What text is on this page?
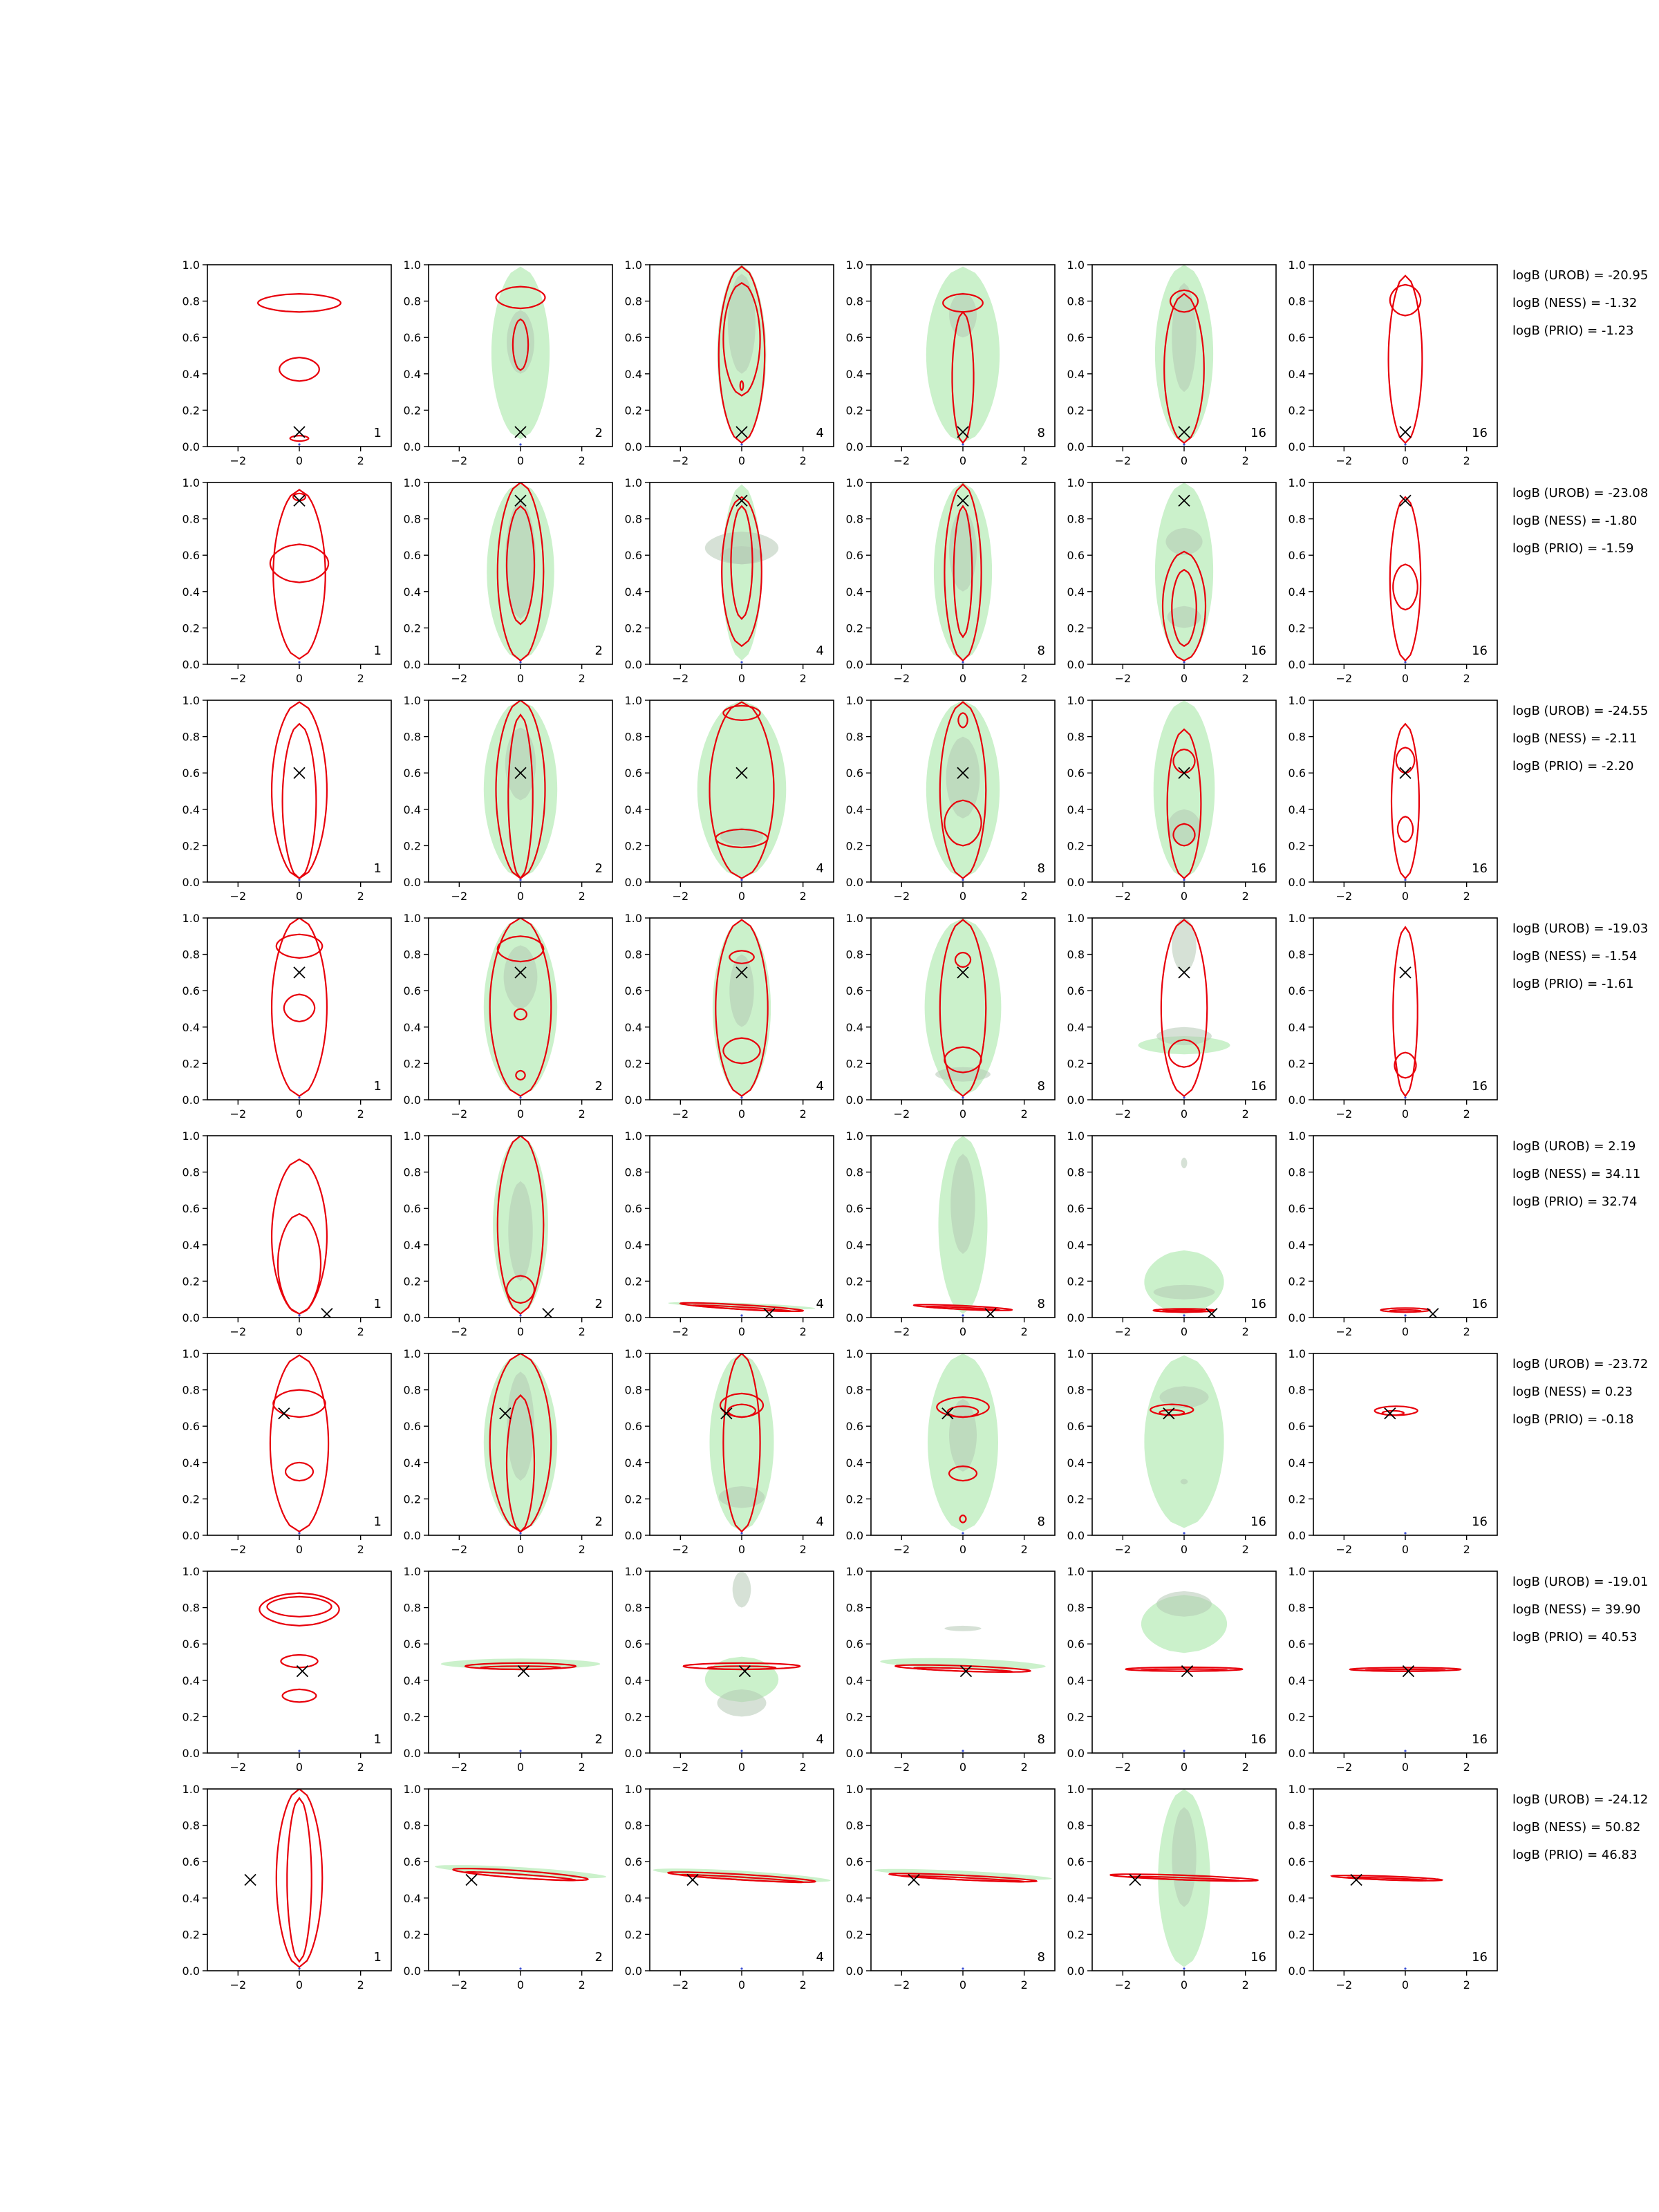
0.0
0.2
0.4
0.6
0.8
1.0
−2	0	2
1
0.0
0.2
0.4
0.6
0.8
1.0
−2	0	2
2
0.0
0.2
0.4
0.6
0.8
1.0
−2	0	2
4
0.0
0.2
0.4
0.6
0.8
1.0
−2	0	2
8
0.0
0.2
0.4
0.6
0.8
1.0
−2	0	2
16
0.0
0.2
0.4
0.6
0.8
1.0
−2	0	2
16
logB (UROB) = -20.95
logB (NESS) = -1.32
logB (PRIO) = -1.23
0.0
0.2
0.4
0.6
0.8
1.0
−2	0	2
1
0.0
0.2
0.4
0.6
0.8
1.0
−2	0	2
2
0.0
0.2
0.4
0.6
0.8
1.0
−2	0	2
4
0.0
0.2
0.4
0.6
0.8
1.0
−2	0	2
8
0.0
0.2
0.4
0.6
0.8
1.0
−2	0	2
16
0.0
0.2
0.4
0.6
0.8
1.0
−2	0	2
16
logB (UROB) = -23.08
logB (NESS) = -1.80
logB (PRIO) = -1.59
0.0
0.2
0.4
0.6
0.8
1.0
−2	0	2
1
0.0
0.2
0.4
0.6
0.8
1.0
−2	0	2
2
0.0
0.2
0.4
0.6
0.8
1.0
−2	0	2
4
0.0
0.2
0.4
0.6
0.8
1.0
−2	0	2
8
0.0
0.2
0.4
0.6
0.8
1.0
−2	0	2
16
0.0
0.2
0.4
0.6
0.8
1.0
−2	0	2
16
logB (UROB) = -24.55
logB (NESS) = -2.11
logB (PRIO) = -2.20
0.0
0.2
0.4
0.6
0.8
1.0
−2	0	2
1
0.0
0.2
0.4
0.6
0.8
1.0
−2	0	2
2
0.0
0.2
0.4
0.6
0.8
1.0
−2	0	2
4
0.0
0.2
0.4
0.6
0.8
1.0
−2	0	2
8
0.0
0.2
0.4
0.6
0.8
1.0
−2	0	2
16
0.0
0.2
0.4
0.6
0.8
1.0
−2	0	2
16
logB (UROB) = -19.03
logB (NESS) = -1.54
logB (PRIO) = -1.61
0.0
0.2
0.4
0.6
0.8
1.0
−2	0	2
1
0.0
0.2
0.4
0.6
0.8
1.0
−2	0	2
2
0.0
0.2
0.4
0.6
0.8
1.0
−2	0	2
4
0.0
0.2
0.4
0.6
0.8
1.0
−2	0	2
8
0.0
0.2
0.4
0.6
0.8
1.0
−2	0	2
16
0.0
0.2
0.4
0.6
0.8
1.0
−2	0	2
16
logB (UROB) = 2.19
logB (NESS) = 34.11
logB (PRIO) = 32.74
0.0
0.2
0.4
0.6
0.8
1.0
−2	0	2
1
0.0
0.2
0.4
0.6
0.8
1.0
−2	0	2
2
0.0
0.2
0.4
0.6
0.8
1.0
−2	0	2
4
0.0
0.2
0.4
0.6
0.8
1.0
−2	0	2
8
0.0
0.2
0.4
0.6
0.8
1.0
−2	0	2
16
0.0
0.2
0.4
0.6
0.8
1.0
−2	0	2
16
logB (UROB) = -23.72
logB (NESS) = 0.23
logB (PRIO) = -0.18
0.0
0.2
0.4
0.6
0.8
1.0
−2	0	2
1
0.0
0.2
0.4
0.6
0.8
1.0
−2	0	2
2
0.0
0.2
0.4
0.6
0.8
1.0
−2	0	2
4
0.0
0.2
0.4
0.6
0.8
1.0
−2	0	2
8
0.0
0.2
0.4
0.6
0.8
1.0
−2	0	2
16
0.0
0.2
0.4
0.6
0.8
1.0
−2	0	2
16
logB (UROB) = -19.01
logB (NESS) = 39.90
logB (PRIO) = 40.53
0.0
0.2
0.4
0.6
0.8
1.0
−2	0	2
1
0.0
0.2
0.4
0.6
0.8
1.0
−2	0	2
2
0.0
0.2
0.4
0.6
0.8
1.0
−2	0	2
4
0.0
0.2
0.4
0.6
0.8
1.0
−2	0	2
8
0.0
0.2
0.4
0.6
0.8
1.0
−2	0	2
16
0.0
0.2
0.4
0.6
0.8
1.0
−2	0	2
16
logB (UROB) = -24.12
logB (NESS) = 50.82
logB (PRIO) = 46.83
